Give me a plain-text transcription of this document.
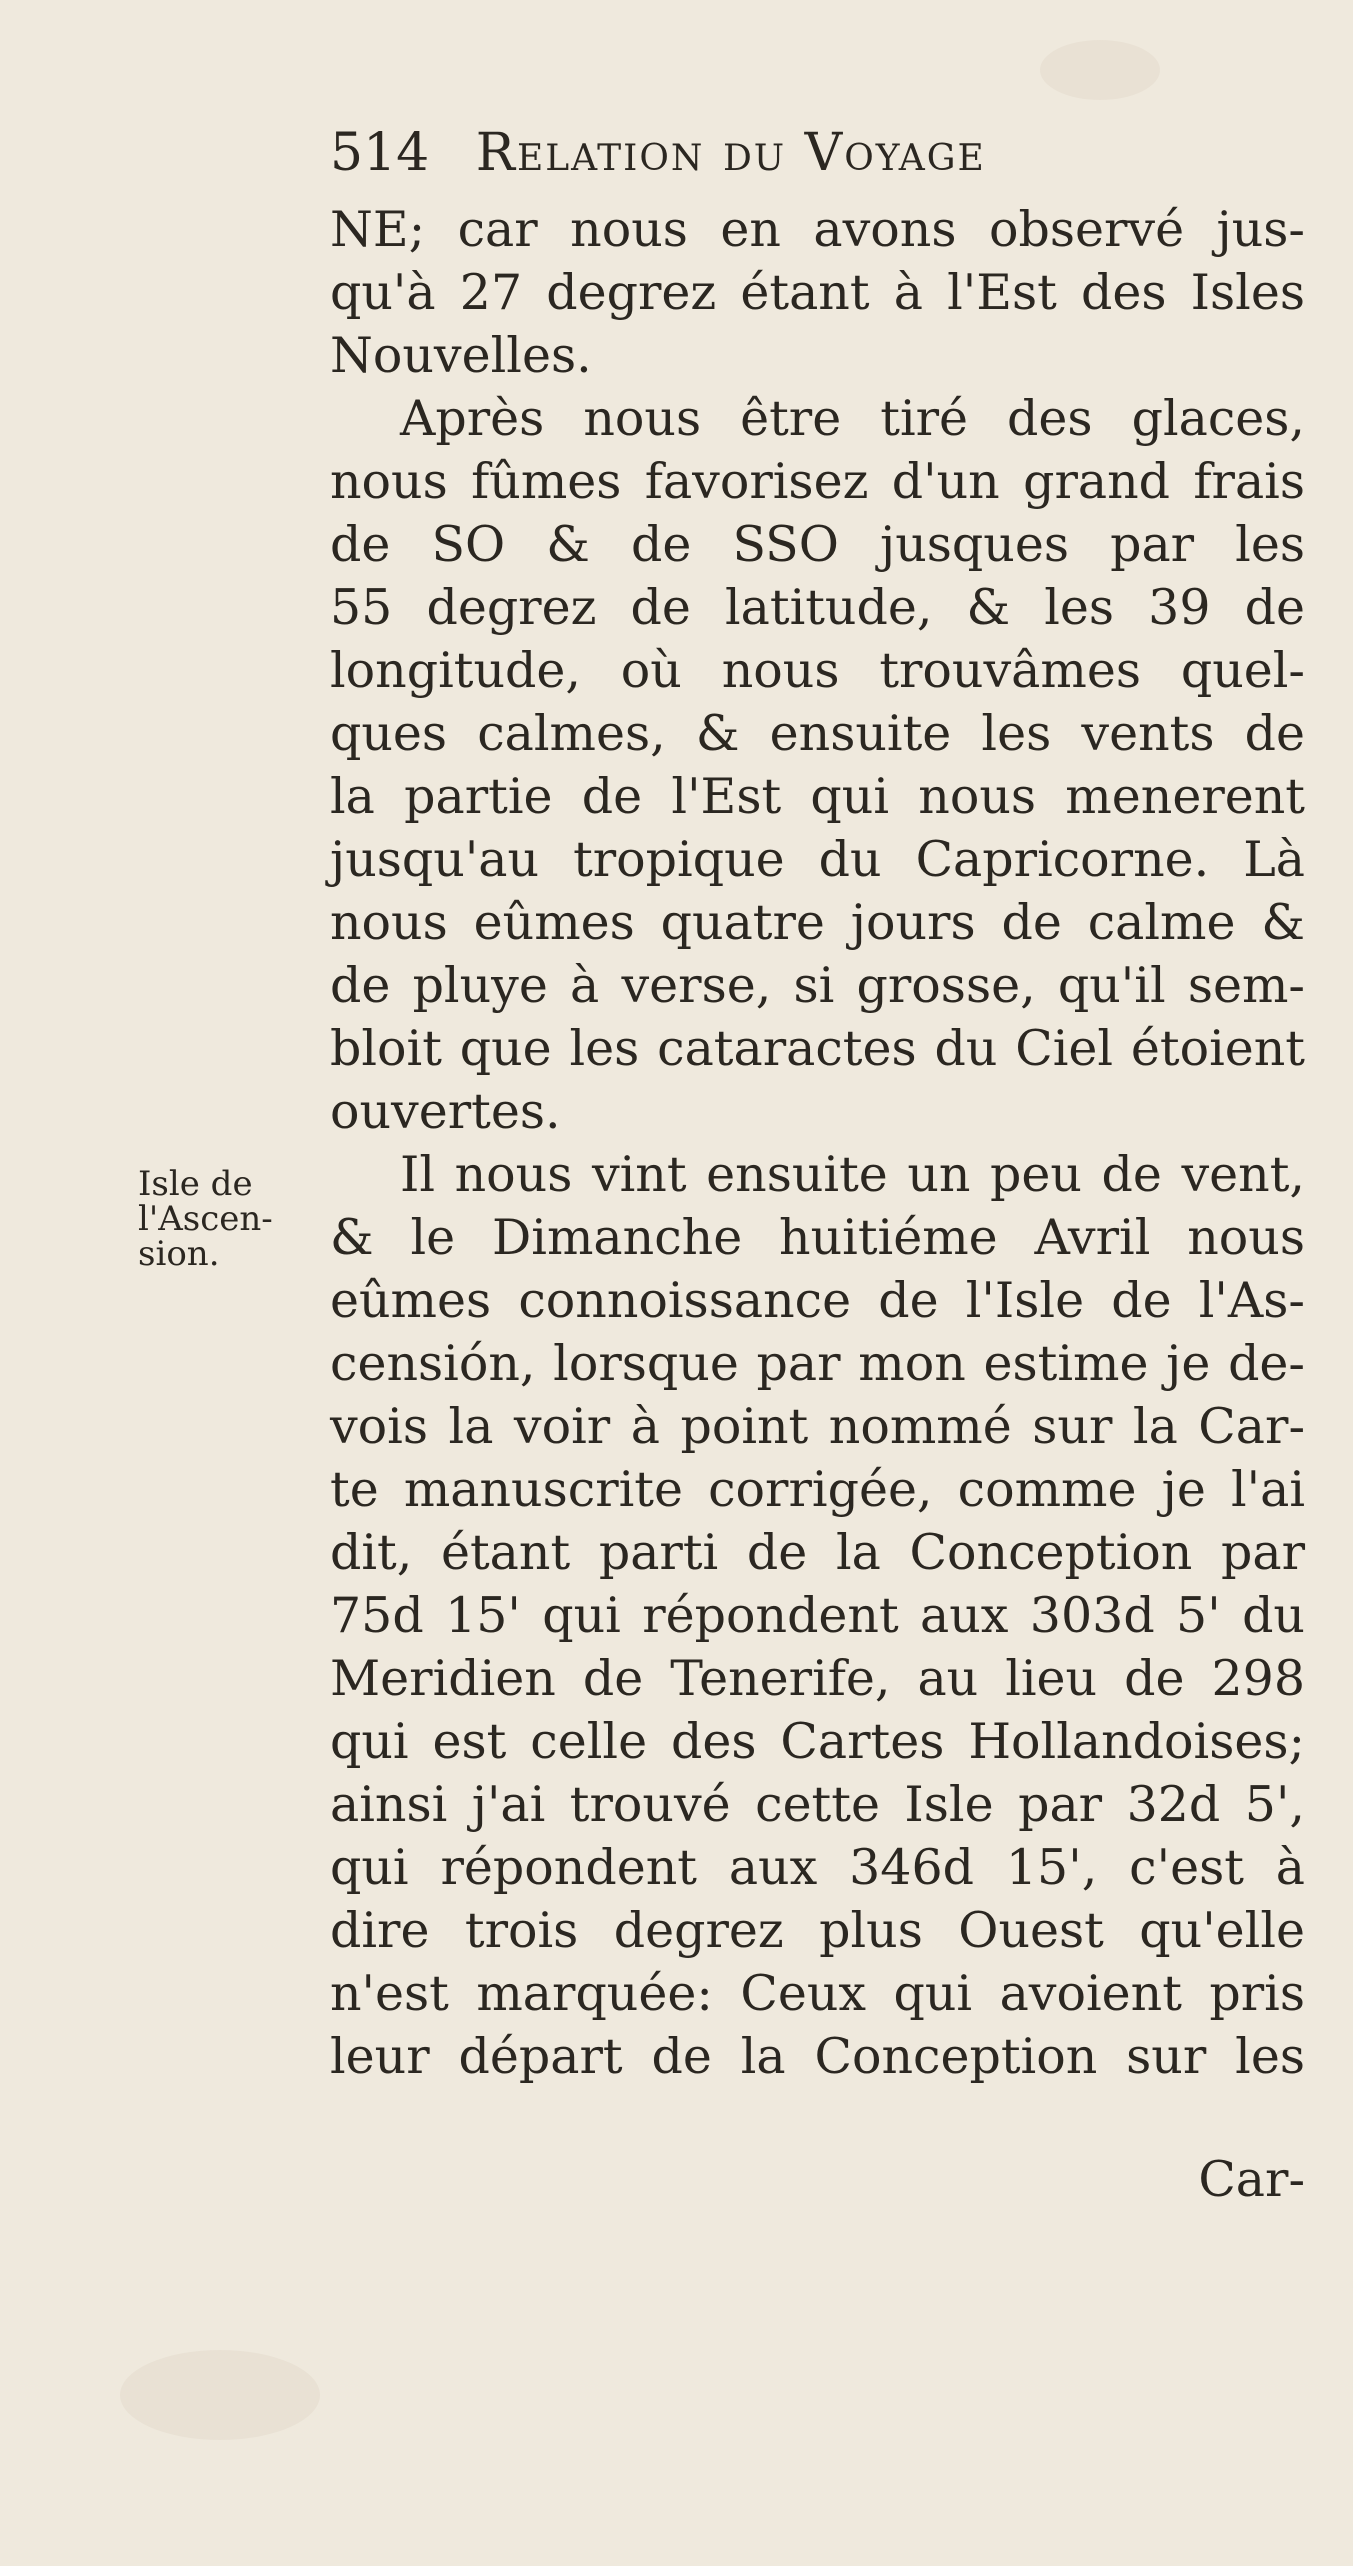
514 Relation du Voyage
Isle de
l'Ascen-
sion.
NE; car nous en avons observé jus-
qu'à 27 degrez étant à l'Est des Isles
Nouvelles.
Après nous être tiré des glaces,
nous fûmes favorisez d'un grand frais
de SO & de SSO jusques par les
55 degrez de latitude, & les 39 de
longitude, où nous trouvâmes quel-
ques calmes, & ensuite les vents de
la partie de l'Est qui nous menerent
jusqu'au tropique du Capricorne. Là
nous eûmes quatre jours de calme &
de pluye à verse, si grosse, qu'il sem-
bloit que les cataractes du Ciel étoient
ouvertes.
Il nous vint ensuite un peu de vent,
& le Dimanche huitiéme Avril nous
eûmes connoissance de l'Isle de l'As-
censión, lorsque par mon estime je de-
vois la voir à point nommé sur la Car-
te manuscrite corrigée, comme je l'ai
dit, étant parti de la Conception par
75d 15' qui répondent aux 303d 5' du
Meridien de Tenerife, au lieu de 298
qui est celle des Cartes Hollandoises;
ainsi j'ai trouvé cette Isle par 32d 5',
qui répondent aux 346d 15', c'est à
dire trois degrez plus Ouest qu'elle
n'est marquée: Ceux qui avoient pris
leur départ de la Conception sur les
Car-
